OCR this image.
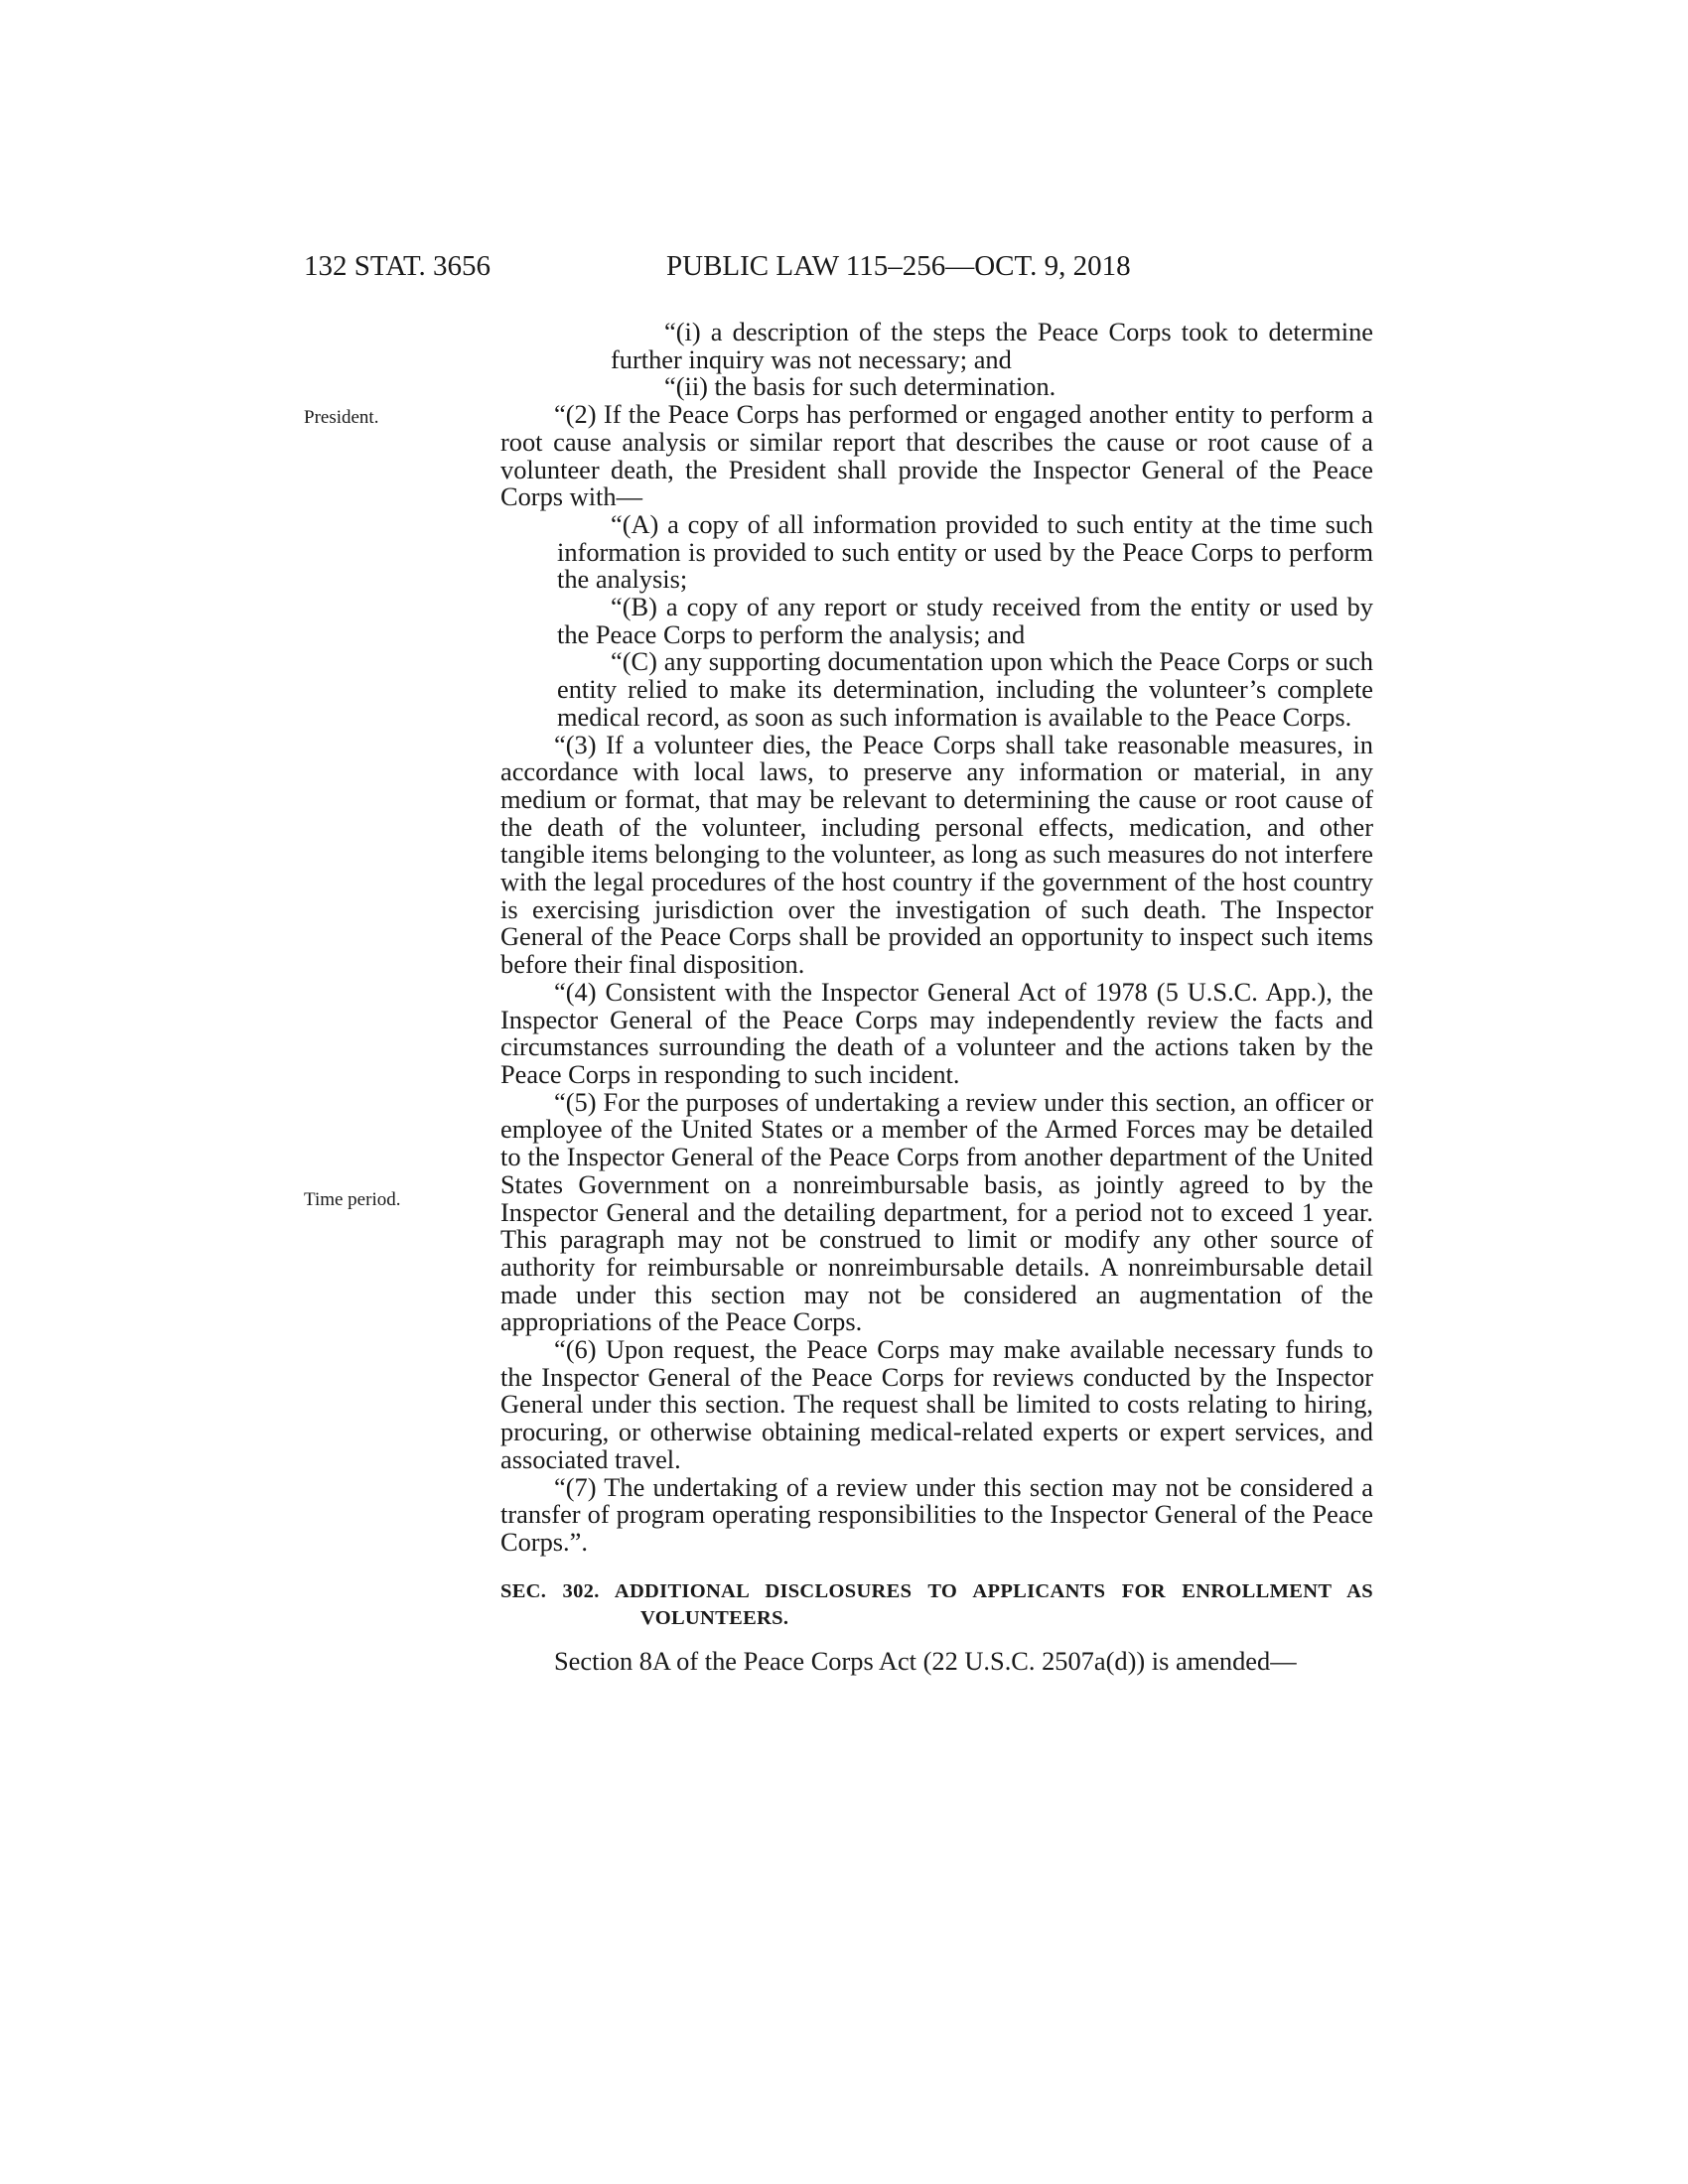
132 STAT. 3656	PUBLIC LAW 115–256—OCT. 9, 2018
President.
Time period.

“(i) a description of the steps the Peace Corps took to determine further inquiry was not necessary; and

“(ii) the basis for such determination.

“(2) If the Peace Corps has performed or engaged another entity to perform a root cause analysis or similar report that describes the cause or root cause of a volunteer death, the President shall provide the Inspector General of the Peace Corps with—

“(A) a copy of all information provided to such entity at the time such information is provided to such entity or used by the Peace Corps to perform the analysis;

“(B) a copy of any report or study received from the entity or used by the Peace Corps to perform the analysis; and

“(C) any supporting documentation upon which the Peace Corps or such entity relied to make its determination, including the volunteer’s complete medical record, as soon as such information is available to the Peace Corps.

“(3) If a volunteer dies, the Peace Corps shall take reasonable measures, in accordance with local laws, to preserve any information or material, in any medium or format, that may be relevant to determining the cause or root cause of the death of the volunteer, including personal effects, medication, and other tangible items belonging to the volunteer, as long as such measures do not interfere with the legal procedures of the host country if the government of the host country is exercising jurisdiction over the investigation of such death. The Inspector General of the Peace Corps shall be provided an opportunity to inspect such items before their final disposition.

“(4) Consistent with the Inspector General Act of 1978 (5 U.S.C. App.), the Inspector General of the Peace Corps may independently review the facts and circumstances surrounding the death of a volunteer and the actions taken by the Peace Corps in responding to such incident.

“(5) For the purposes of undertaking a review under this section, an officer or employee of the United States or a member of the Armed Forces may be detailed to the Inspector General of the Peace Corps from another department of the United States Government on a nonreimbursable basis, as jointly agreed to by the Inspector General and the detailing department, for a period not to exceed 1 year. This paragraph may not be construed to limit or modify any other source of authority for reimbursable or nonreimbursable details. A nonreimbursable detail made under this section may not be considered an augmentation of the appropriations of the Peace Corps.

“(6) Upon request, the Peace Corps may make available necessary funds to the Inspector General of the Peace Corps for reviews conducted by the Inspector General under this section. The request shall be limited to costs relating to hiring, procuring, or otherwise obtaining medical-related experts or expert services, and associated travel.

“(7) The undertaking of a review under this section may not be considered a transfer of program operating responsibilities to the Inspector General of the Peace Corps.”.

SEC. 302. ADDITIONAL DISCLOSURES TO APPLICANTS FOR ENROLLMENT AS VOLUNTEERS.

Section 8A of the Peace Corps Act (22 U.S.C. 2507a(d)) is amended—
